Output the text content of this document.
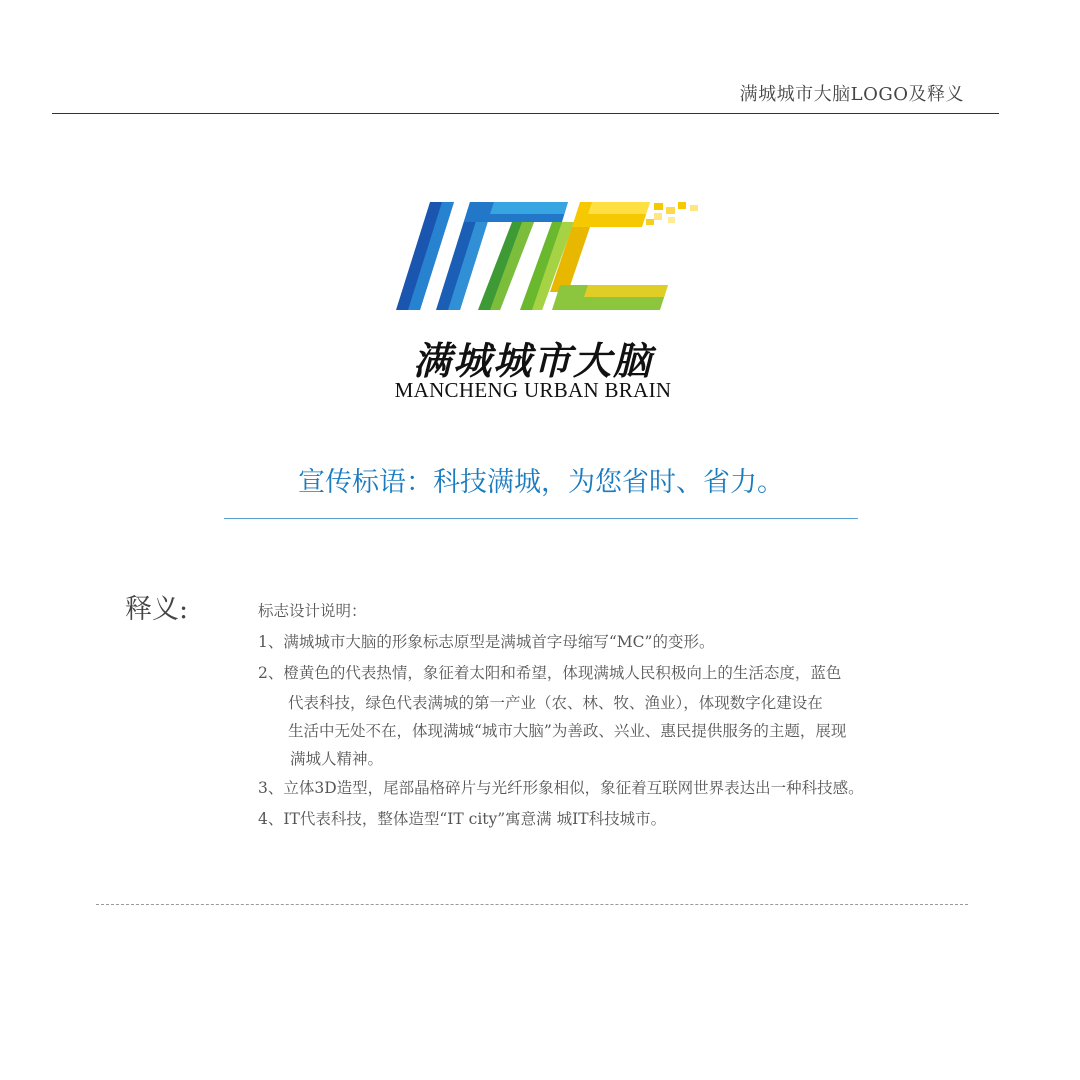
满城城市大脑LOGO及释义
满城城市大脑
MANCHENG URBAN BRAIN
宣传标语：科技满城，为您省时、省力。
释义:	标志设计说明：
1、满城城市大脑的形象标志原型是满城首字母缩写“MC”的变形。
2、橙黄色的代表热情，象征着太阳和希望，体现满城人民积极向上的生活态度，蓝色
代表科技，绿色代表满城的第一产业（农、林、牧、渔业），体现数字化建设在
生活中无处不在，体现满城“城市大脑”为善政、兴业、惠民提供服务的主题，展现
满城人精神。
3、立体3D造型，尾部晶格碎片与光纤形象相似，象征着互联网世界表达出一种科技感。
4、IT代表科技，整体造型“IT city”寓意满 城IT科技城市。
